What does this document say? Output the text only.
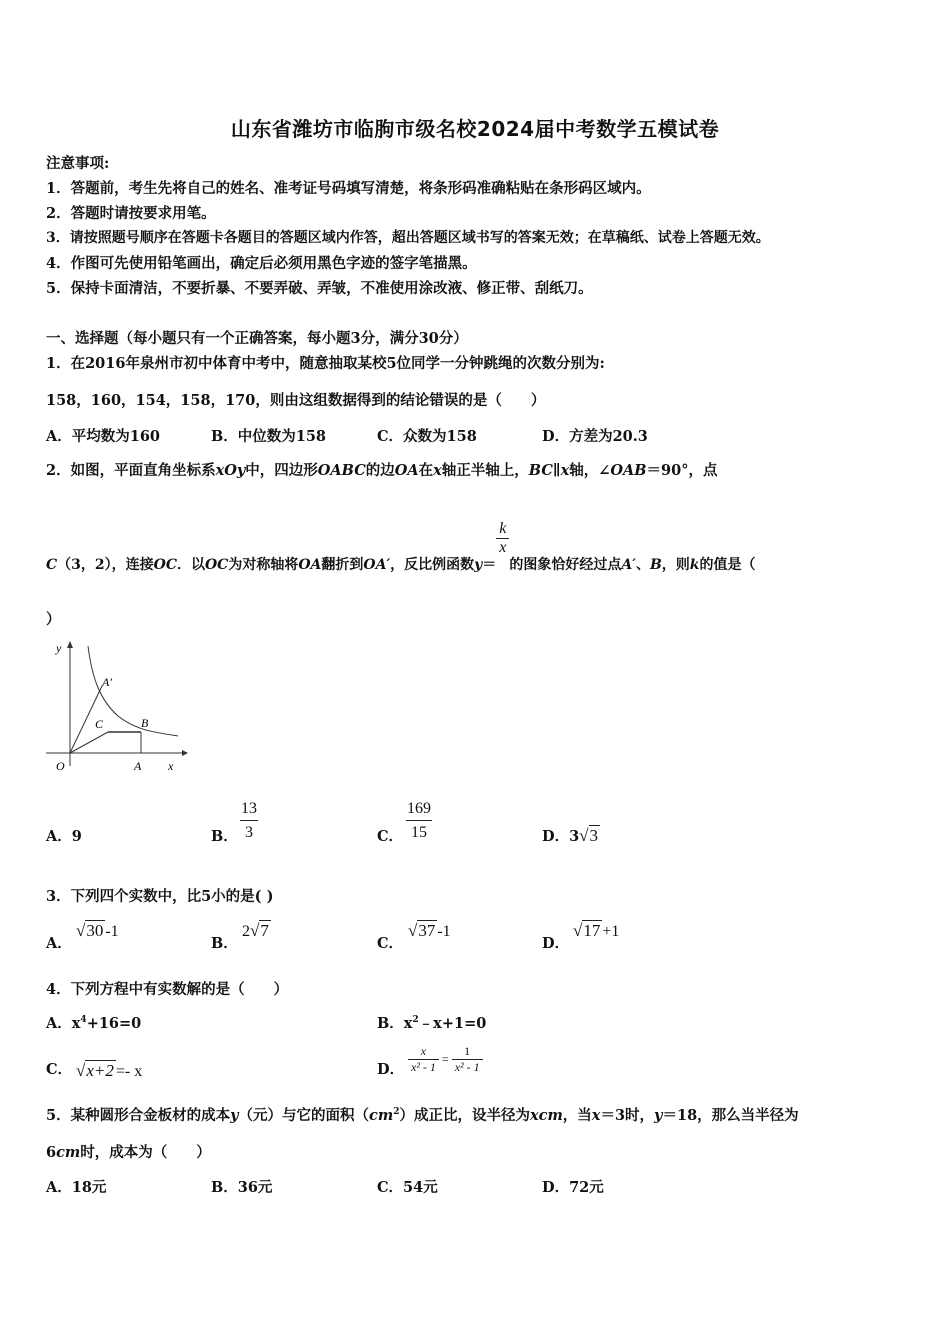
山东省潍坊市临朐市级名校2024届中考数学五模试卷
注意事项:
1．答题前，考生先将自己的姓名、准考证号码填写清楚，将条形码准确粘贴在条形码区域内。
2．答题时请按要求用笔。
3．请按照题号顺序在答题卡各题目的答题区域内作答，超出答题区域书写的答案无效；在草稿纸、试卷上答题无效。
4．作图可先使用铅笔画出，确定后必须用黑色字迹的签字笔描黑。
5．保持卡面清洁，不要折暴、不要弄破、弄皱，不准使用涂改液、修正带、刮纸刀。
一、选择题（每小题只有一个正确答案，每小题3分，满分30分）
1．在2016年泉州市初中体育中考中，随意抽取某校5位同学一分钟跳绳的次数分别为:
158，160，154，158，170，则由这组数据得到的结论错误的是（　　）
A．平均数为160	B．中位数为158	C．众数为158	D．方差为20.3
2．如图，平面直角坐标系xOy中，四边形OABC的边OA在x轴正半轴上，BC∥x轴，∠OAB＝90°，点
C（3，2），连接OC．以OC为对称轴将OA翻折到OA′，反比例函数y＝
$\frac{k}{x}$
的图象恰好经过点A′、B，则k的值是（
）
y
x
O	A
A′
B
C
A．9	B． $\frac{13}{3}$	C． $\frac{169}{15}$	D．3√3
3．下列四个实数中，比5小的是( )
A．
√30 -1
B．
2√7
C．
√37 -1
D．
√17 +1
4．下列方程中有实数解的是（　　）
A．$x^4+16=0$	B．$x^2﹣x+1=0$
C． √x+2 =- x	D． $\frac{x}{\text{x² - 1}} = \frac{1}{\text{x² - 1}}$
5．某种圆形合金板材的成本y（元）与它的面积$(cm^2)$成正比，设半径为xcm，当x＝3时，y＝18，那么当半径为
6cm时，成本为（　　）
A．18元	B．36元	C．54元	D．72元
